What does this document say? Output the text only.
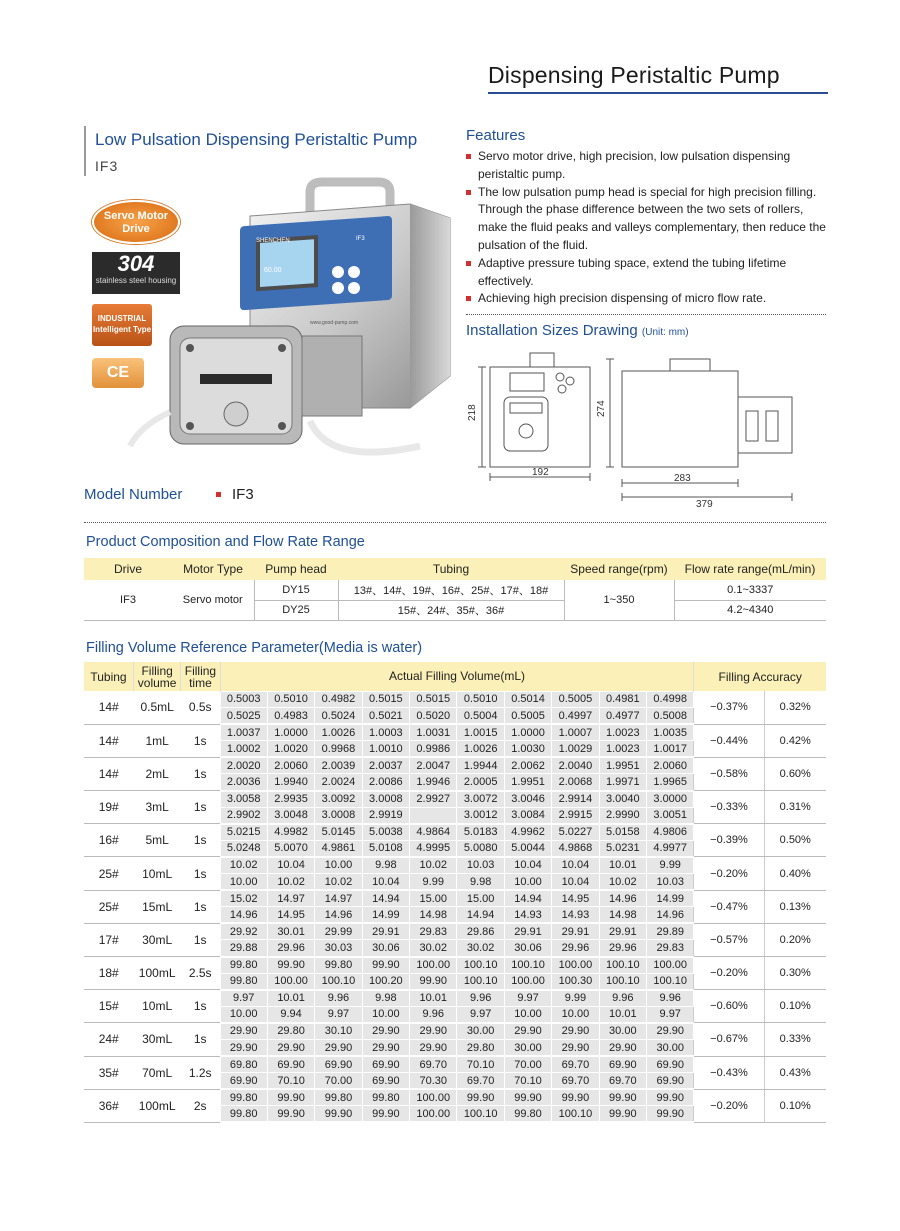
Dispensing Peristaltic Pump
Low Pulsation Dispensing Peristaltic Pump
IF3
Servo Motor Drive
304
stainless steel housing
INDUSTRIAL
Intelligent Type
CE
60.00
SHENCHEN	IF3
www.good-pump.com
Model Number	IF3
Features
Servo motor drive, high precision, low pulsation dispensing peristaltic pump.
The low pulsation pump head is special for high precision filling. Through the phase difference between the two sets of rollers, make the fluid peaks and valleys complementary, then reduce the pulsation of the fluid.
Adaptive pressure tubing space, extend the tubing lifetime effectively.
Achieving high precision dispensing of micro flow rate.
Installation Sizes Drawing (Unit: mm)
218
192
274
283
379
Product Composition and Flow Rate Range
Drive	Motor Type	Pump head	Tubing	Speed range(rpm)	Flow rate range(mL/min)
IF3	Servo motor	DY15	13#、14#、19#、16#、25#、17#、18#	1~350	0.1~3337
		DY25	15#、24#、35#、36#		4.2~4340
Filling Volume Reference Parameter(Media is water)
Tubing	Filling volume	Filling time	Actual Filling Volume(mL)										Filling Accuracy	
14#	0.5mL	0.5s	0.5003	0.5010	0.4982	0.5015	0.5015	0.5010	0.5014	0.5005	0.4981	0.4998	−0.37%	0.32%
			0.5025	0.4983	0.5024	0.5021	0.5020	0.5004	0.5005	0.4997	0.4977	0.5008		
14#	1mL	1s	1.0037	1.0000	1.0026	1.0003	1.0031	1.0015	1.0000	1.0007	1.0023	1.0035	−0.44%	0.42%
			1.0002	1.0020	0.9968	1.0010	0.9986	1.0026	1.0030	1.0029	1.0023	1.0017		
14#	2mL	1s	2.0020	2.0060	2.0039	2.0037	2.0047	1.9944	2.0062	2.0040	1.9951	2.0060	−0.58%	0.60%
			2.0036	1.9940	2.0024	2.0086	1.9946	2.0005	1.9951	2.0068	1.9971	1.9965		
19#	3mL	1s	3.0058	2.9935	3.0092	3.0008	2.9927	3.0072	3.0046	2.9914	3.0040	3.0000	−0.33%	0.31%
			2.9902	3.0048	3.0008	2.9919		3.0012	3.0084	2.9915	2.9990	3.0051		
16#	5mL	1s	5.0215	4.9982	5.0145	5.0038	4.9864	5.0183	4.9962	5.0227	5.0158	4.9806	−0.39%	0.50%
			5.0248	5.0070	4.9861	5.0108	4.9995	5.0080	5.0044	4.9868	5.0231	4.9977		
25#	10mL	1s	10.02	10.04	10.00	9.98	10.02	10.03	10.04	10.04	10.01	9.99	−0.20%	0.40%
			10.00	10.02	10.02	10.04	9.99	9.98	10.00	10.04	10.02	10.03		
25#	15mL	1s	15.02	14.97	14.97	14.94	15.00	15.00	14.94	14.95	14.96	14.99	−0.47%	0.13%
			14.96	14.95	14.96	14.99	14.98	14.94	14.93	14.93	14.98	14.96		
17#	30mL	1s	29.92	30.01	29.99	29.91	29.83	29.86	29.91	29.91	29.91	29.89	−0.57%	0.20%
			29.88	29.96	30.03	30.06	30.02	30.02	30.06	29.96	29.96	29.83		
18#	100mL	2.5s	99.80	99.90	99.80	99.90	100.00	100.10	100.10	100.00	100.10	100.00	−0.20%	0.30%
			99.80	100.00	100.10	100.20	99.90	100.10	100.00	100.30	100.10	100.10		
15#	10mL	1s	9.97	10.01	9.96	9.98	10.01	9.96	9.97	9.99	9.96	9.96	−0.60%	0.10%
			10.00	9.94	9.97	10.00	9.96	9.97	10.00	10.00	10.01	9.97		
24#	30mL	1s	29.90	29.80	30.10	29.90	29.90	30.00	29.90	29.90	30.00	29.90	−0.67%	0.33%
			29.90	29.90	29.90	29.90	29.90	29.80	30.00	29.90	29.90	30.00		
35#	70mL	1.2s	69.80	69.90	69.90	69.90	69.70	70.10	70.00	69.70	69.90	69.90	−0.43%	0.43%
			69.90	70.10	70.00	69.90	70.30	69.70	70.10	69.70	69.70	69.90		
36#	100mL	2s	99.80	99.90	99.80	99.80	100.00	99.90	99.90	99.90	99.90	99.90	−0.20%	0.10%
			99.80	99.90	99.90	99.90	100.00	100.10	99.80	100.10	99.90	99.90		
